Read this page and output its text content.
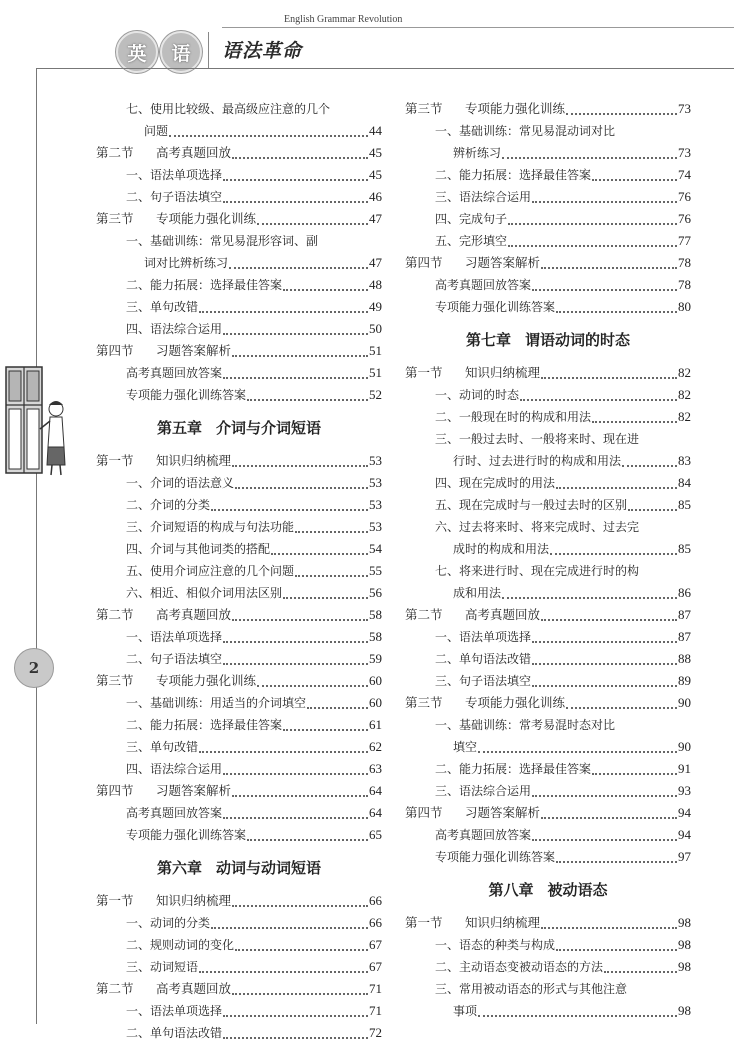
英	语	语法革命
English Grammar Revolution
2
七、使用比较级、最高级应注意的几个
问题	44
第二节	高考真题回放	45
一、语法单项选择	45
二、句子语法填空	46
第三节	专项能力强化训练	47
一、基础训练：常见易混形容词、副
词对比辨析练习	47
二、能力拓展：选择最佳答案	48
三、单句改错	49
四、语法综合运用	50
第四节	习题答案解析	51
高考真题回放答案	51
专项能力强化训练答案	52
第五章 介词与介词短语
第一节	知识归纳梳理	53
一、介词的语法意义	53
二、介词的分类	53
三、介词短语的构成与句法功能	53
四、介词与其他词类的搭配	54
五、使用介词应注意的几个问题	55
六、相近、相似介词用法区别	56
第二节	高考真题回放	58
一、语法单项选择	58
二、句子语法填空	59
第三节	专项能力强化训练	60
一、基础训练：用适当的介词填空	60
二、能力拓展：选择最佳答案	61
三、单句改错	62
四、语法综合运用	63
第四节	习题答案解析	64
高考真题回放答案	64
专项能力强化训练答案	65
第六章 动词与动词短语
第一节	知识归纳梳理	66
一、动词的分类	66
二、规则动词的变化	67
三、动词短语	67
第二节	高考真题回放	71
一、语法单项选择	71
二、单句语法改错	72
第三节	专项能力强化训练	73
一、基础训练：常见易混动词对比
辨析练习	73
二、能力拓展：选择最佳答案	74
三、语法综合运用	76
四、完成句子	76
五、完形填空	77
第四节	习题答案解析	78
高考真题回放答案	78
专项能力强化训练答案	80
第七章 谓语动词的时态
第一节	知识归纳梳理	82
一、动词的时态	82
二、一般现在时的构成和用法	82
三、一般过去时、一般将来时、现在进
行时、过去进行时的构成和用法	83
四、现在完成时的用法	84
五、现在完成时与一般过去时的区别	85
六、过去将来时、将来完成时、过去完
成时的构成和用法	85
七、将来进行时、现在完成进行时的构
成和用法	86
第二节	高考真题回放	87
一、语法单项选择	87
二、单句语法改错	88
三、句子语法填空	89
第三节	专项能力强化训练	90
一、基础训练：常考易混时态对比
填空	90
二、能力拓展：选择最佳答案	91
三、语法综合运用	93
第四节	习题答案解析	94
高考真题回放答案	94
专项能力强化训练答案	97
第八章 被动语态
第一节	知识归纳梳理	98
一、语态的种类与构成	98
二、主动语态变被动语态的方法	98
三、常用被动语态的形式与其他注意
事项	98
